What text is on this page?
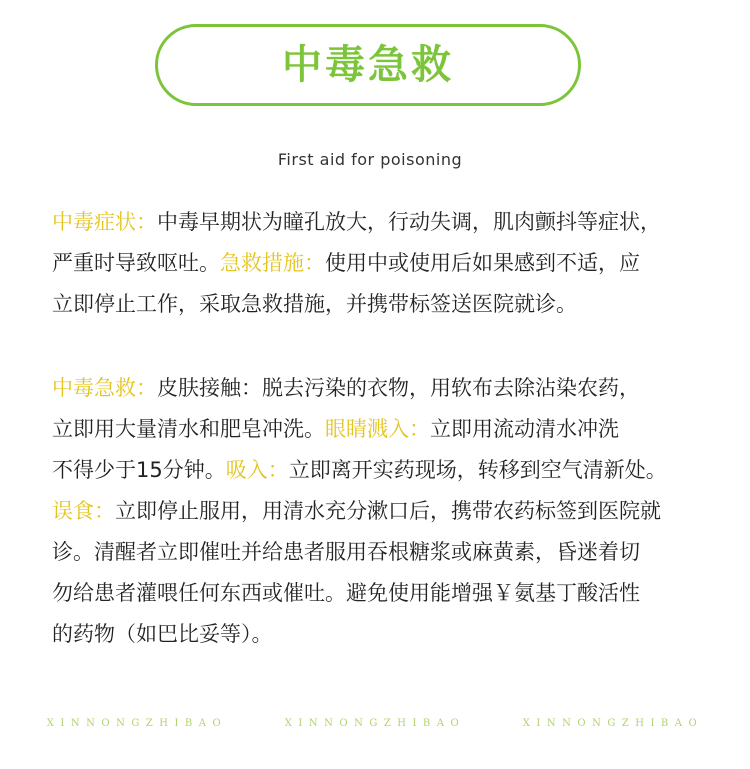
中毒急救
First aid for poisoning

中毒症状：中毒早期状为瞳孔放大，行动失调，肌肉颤抖等症状，
严重时导致呕吐。急救措施：使用中或使用后如果感到不适，应
立即停止工作，采取急救措施，并携带标签送医院就诊。

中毒急救：皮肤接触：脱去污染的衣物，用软布去除沾染农药，
立即用大量清水和肥皂冲洗。眼睛溅入：立即用流动清水冲洗
不得少于15分钟。吸入：立即离开实药现场，转移到空气清新处。
误食：立即停止服用，用清水充分漱口后，携带农药标签到医院就
诊。清醒者立即催吐并给患者服用吞根糖浆或麻黄素，昏迷着切
勿给患者灌喂任何东西或催吐。避免使用能增强￥氨基丁酸活性
的药物（如巴比妥等）。

XINNONGZHIBAO	XINNONGZHIBAO	XINNONGZHIBAO
